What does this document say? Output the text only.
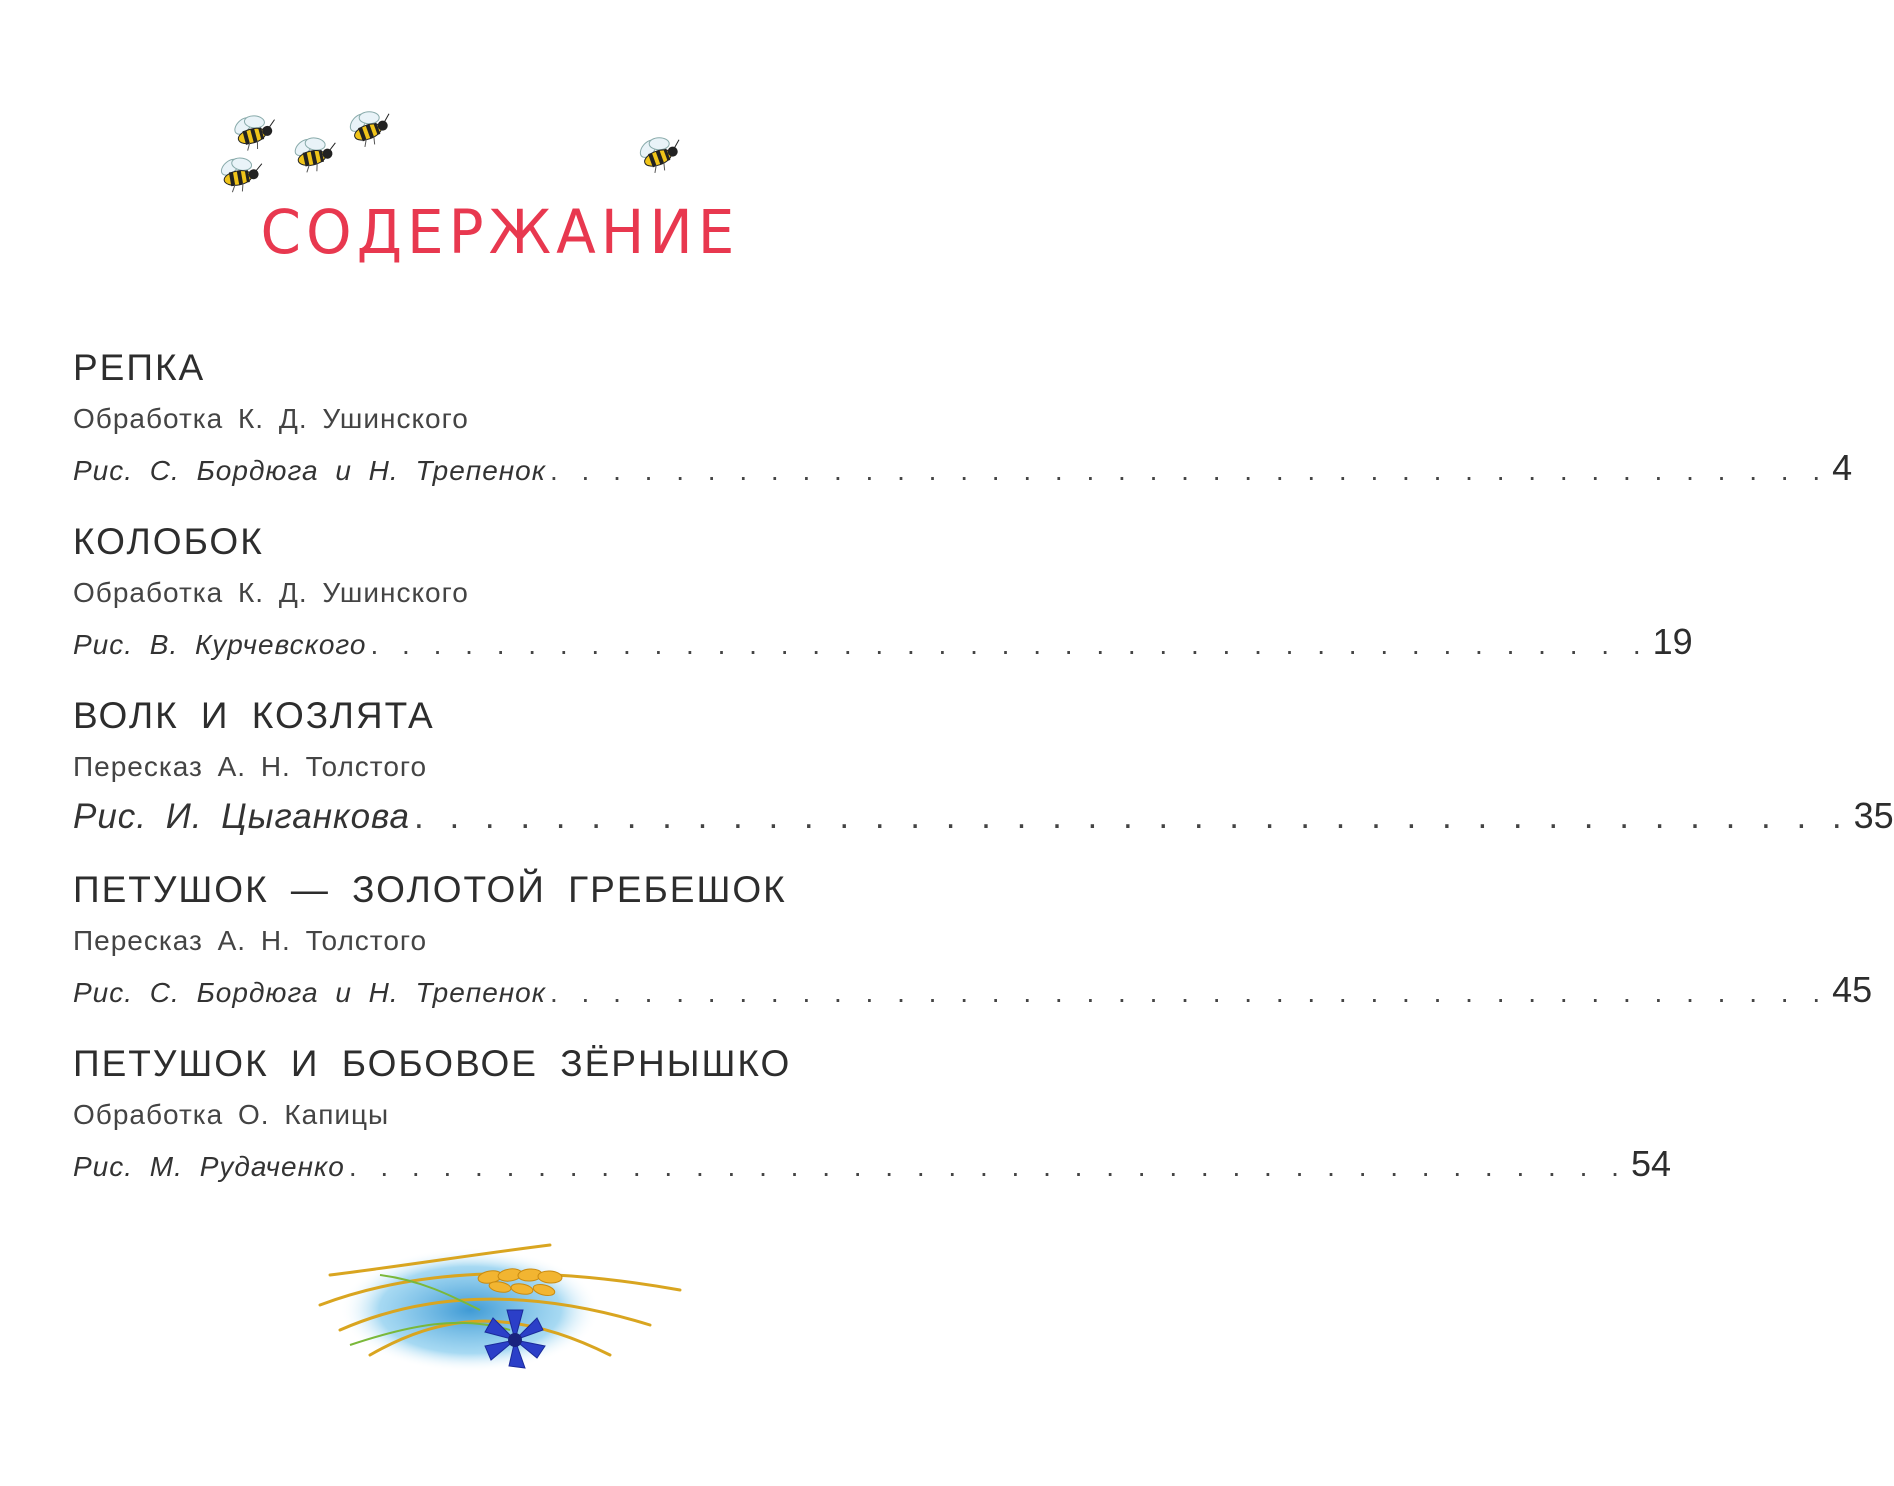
СОДЕРЖАНИЕ
РЕПКА
Обработка К. Д. Ушинского
Рис. С. Бордюга и Н. Трепенок . . . . . . . . . . . . . . . . . . . . . . . . . . . . . . . . . . . . . . . . . 4
КОЛОБОК
Обработка К. Д. Ушинского
Рис. В. Курчевского . . . . . . . . . . . . . . . . . . . . . . . . . . . . . . . . . . . . . . . . . 19
ВОЛК И КОЗЛЯТА
Пересказ А. Н. Толстого
Рис. И. Цыганкова . . . . . . . . . . . . . . . . . . . . . . . . . . . . . . . . . . . . . . . . . 35
ПЕТУШОК — ЗОЛОТОЙ ГРЕБЕШОК
Пересказ А. Н. Толстого
Рис. С. Бордюга и Н. Трепенок . . . . . . . . . . . . . . . . . . . . . . . . . . . . . . . . . . . . . . . . . 45
ПЕТУШОК И БОБОВОЕ ЗЁРНЫШКО
Обработка О. Капицы
Рис. М. Рудаченко . . . . . . . . . . . . . . . . . . . . . . . . . . . . . . . . . . . . . . . . . 54
